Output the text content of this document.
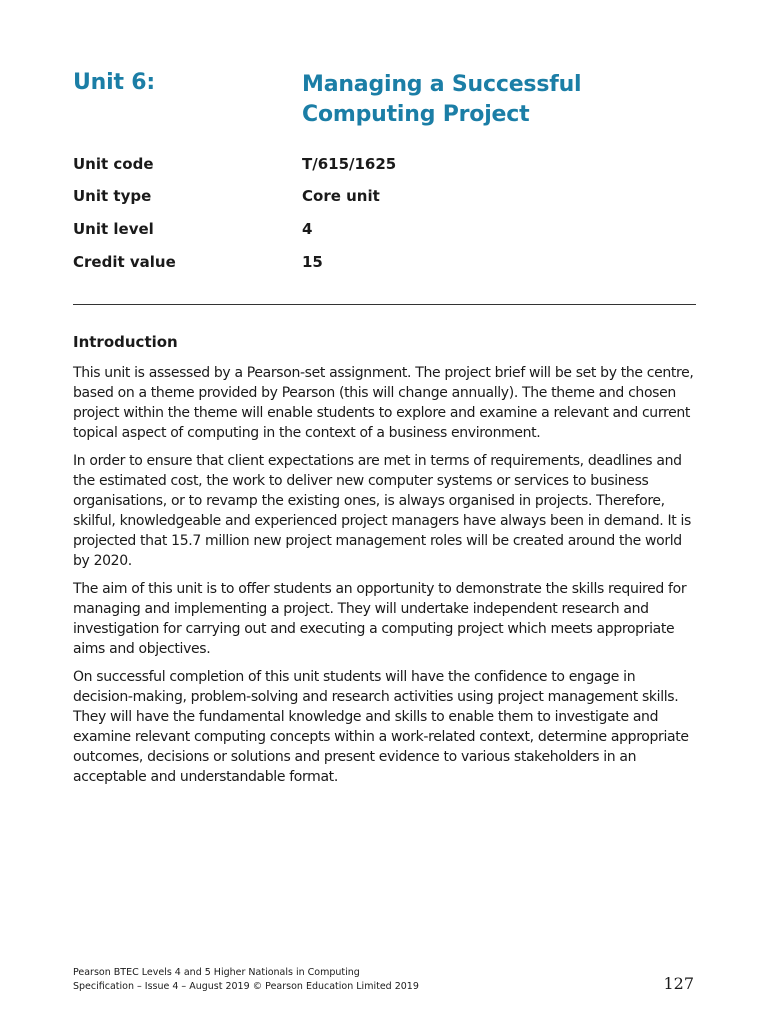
Unit 6:	Managing a Successful Computing Project
Unit code	T/615/1625
Unit type	Core unit
Unit level	4
Credit value	15
Introduction

This unit is assessed by a Pearson-set assignment. The project brief will be set by the centre, based on a theme provided by Pearson (this will change annually). The theme and chosen project within the theme will enable students to explore and examine a relevant and current topical aspect of computing in the context of a business environment.

In order to ensure that client expectations are met in terms of requirements, deadlines and the estimated cost, the work to deliver new computer systems or services to business organisations, or to revamp the existing ones, is always organised in projects. Therefore, skilful, knowledgeable and experienced project managers have always been in demand. It is projected that 15.7 million new project management roles will be created around the world by 2020.

The aim of this unit is to offer students an opportunity to demonstrate the skills required for managing and implementing a project. They will undertake independent research and investigation for carrying out and executing a computing project which meets appropriate aims and objectives.

On successful completion of this unit students will have the confidence to engage in decision-making, problem-solving and research activities using project management skills. They will have the fundamental knowledge and skills to enable them to investigate and examine relevant computing concepts within a work-related context, determine appropriate outcomes, decisions or solutions and present evidence to various stakeholders in an acceptable and understandable format.

Pearson BTEC Levels 4 and 5 Higher Nationals in Computing
Specification – Issue 4 – August 2019 © Pearson Education Limited 2019	127
